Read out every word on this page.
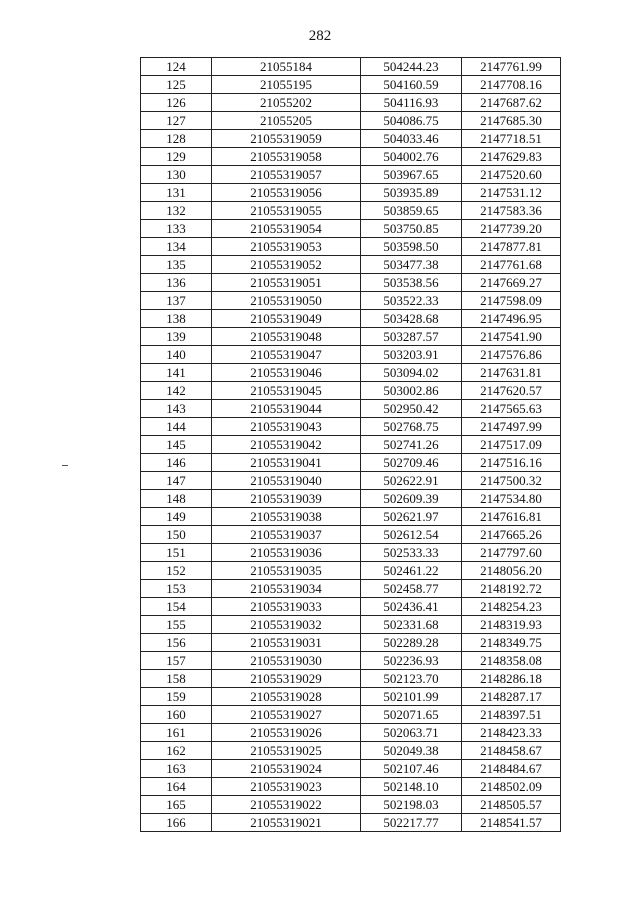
282
124	21055184	504244.23	2147761.99
125	21055195	504160.59	2147708.16
126	21055202	504116.93	2147687.62
127	21055205	504086.75	2147685.30
128	21055319059	504033.46	2147718.51
129	21055319058	504002.76	2147629.83
130	21055319057	503967.65	2147520.60
131	21055319056	503935.89	2147531.12
132	21055319055	503859.65	2147583.36
133	21055319054	503750.85	2147739.20
134	21055319053	503598.50	2147877.81
135	21055319052	503477.38	2147761.68
136	21055319051	503538.56	2147669.27
137	21055319050	503522.33	2147598.09
138	21055319049	503428.68	2147496.95
139	21055319048	503287.57	2147541.90
140	21055319047	503203.91	2147576.86
141	21055319046	503094.02	2147631.81
142	21055319045	503002.86	2147620.57
143	21055319044	502950.42	2147565.63
144	21055319043	502768.75	2147497.99
145	21055319042	502741.26	2147517.09
146	21055319041	502709.46	2147516.16
147	21055319040	502622.91	2147500.32
148	21055319039	502609.39	2147534.80
149	21055319038	502621.97	2147616.81
150	21055319037	502612.54	2147665.26
151	21055319036	502533.33	2147797.60
152	21055319035	502461.22	2148056.20
153	21055319034	502458.77	2148192.72
154	21055319033	502436.41	2148254.23
155	21055319032	502331.68	2148319.93
156	21055319031	502289.28	2148349.75
157	21055319030	502236.93	2148358.08
158	21055319029	502123.70	2148286.18
159	21055319028	502101.99	2148287.17
160	21055319027	502071.65	2148397.51
161	21055319026	502063.71	2148423.33
162	21055319025	502049.38	2148458.67
163	21055319024	502107.46	2148484.67
164	21055319023	502148.10	2148502.09
165	21055319022	502198.03	2148505.57
166	21055319021	502217.77	2148541.57
